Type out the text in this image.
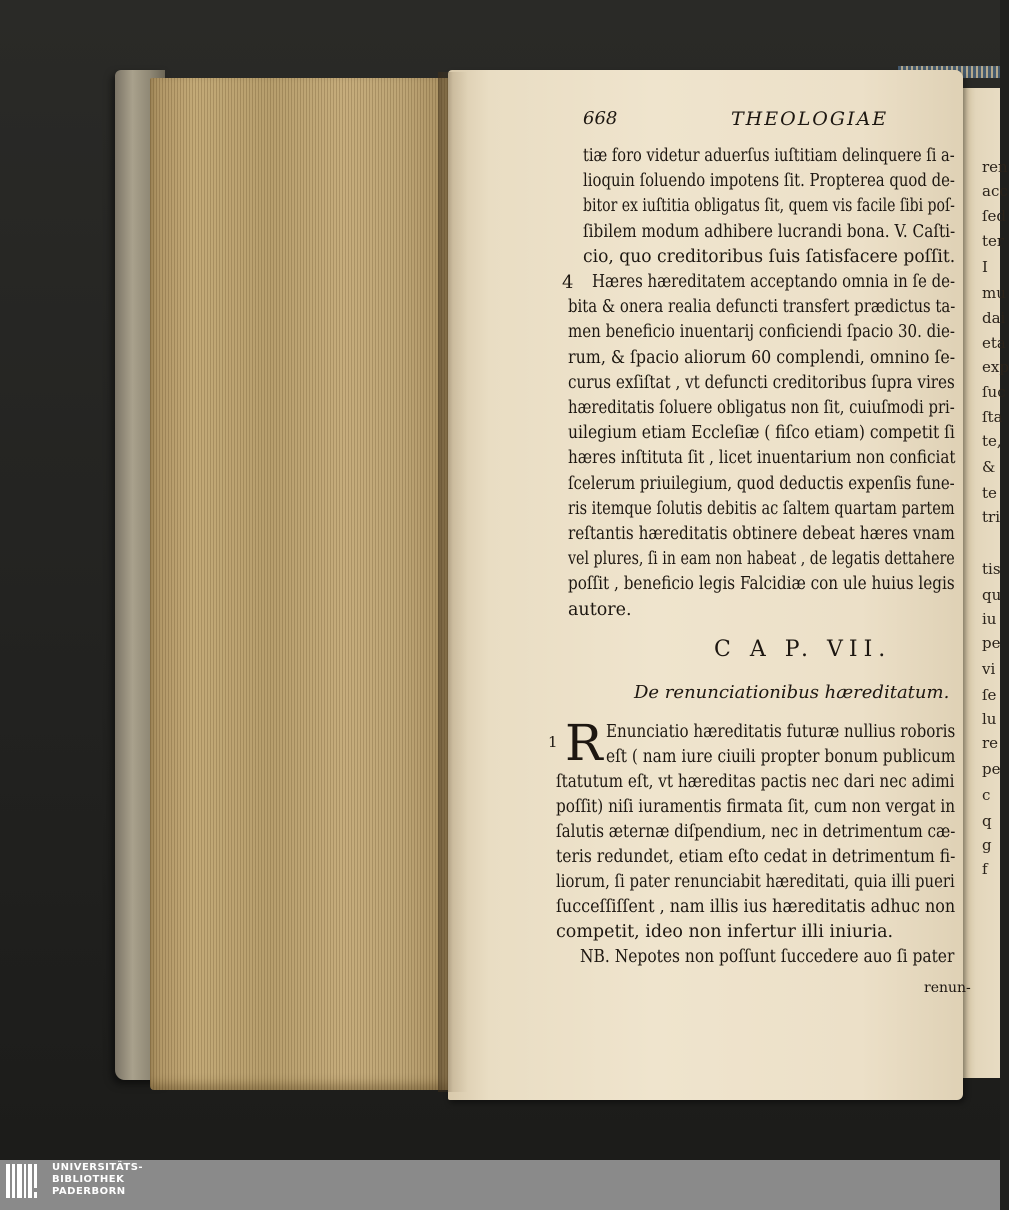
668	THEOLOGIAE
4
C A P. VII.
De renunciationibus hæreditatum.
1 R
renun-
tiæ foro videtur aduerſus iuſtitiam delinquere ſi a-
lioquin ſoluendo impotens ſit. Propterea quod de-
bitor ex iuſtitia obligatus ſit, quem vis facile ſibi poſ-
ſibilem modum adhibere lucrandi bona. V. Caſti-
cio, quo creditoribus ſuis ſatisfacere poſſit.
Hæres hæreditatem acceptando omnia in ſe de-
bita & onera realia defuncti transfert prædictus ta-
men beneficio inuentarij conficiendi ſpacio 30. die-
rum, & ſpacio aliorum 60 complendi, omnino ſe-
curus exſiſtat , vt defuncti creditoribus ſupra vires
hæreditatis ſoluere obligatus non ſit, cuiuſmodi pri-
uilegium etiam Eccleſiæ ( fiſco etiam) competit ſi
hæres inſtituta ſit , licet inuentarium non conficiat
ſcelerum priuilegium, quod deductis expenſis fune-
ris itemque ſolutis debitis ac ſaltem quartam partem
reſtantis hæreditatis obtinere debeat hæres vnam
vel plures, ſi in eam non habeat , de legatis dettahere
poſſit , beneficio legis Falcidiæ con ule huius legis
autore.
Enunciatio hæreditatis futuræ nullius roboris
eſt ( nam iure ciuili propter bonum publicum
ſtatutum eſt, vt hæreditas pactis nec dari nec adimi
poſſit) niſi iuramentis firmata ſit, cum non vergat in
ſalutis æternæ diſpendium, nec in detrimentum cæ-
teris redundet, etiam eſto cedat in detrimentum fi-
liorum, ſi pater renunciabit hæreditati, quia illi pueri
ſucceſſiſſent , nam illis ius hæreditatis adhuc non
competit, ideo non infertur illi iniuria.
NB. Nepotes non poſſunt ſuccedere auo ſi pater
ren
acc
ſed
ter
I
mu
dai
eta
exp
ſuc
ſta
te,
&
te
tri
tis
qu
iu
pe
vi
ſe
lu
re
pe
c
q
g
f
UNIVERSITÄTS-
BIBLIOTHEK
PADERBORN
